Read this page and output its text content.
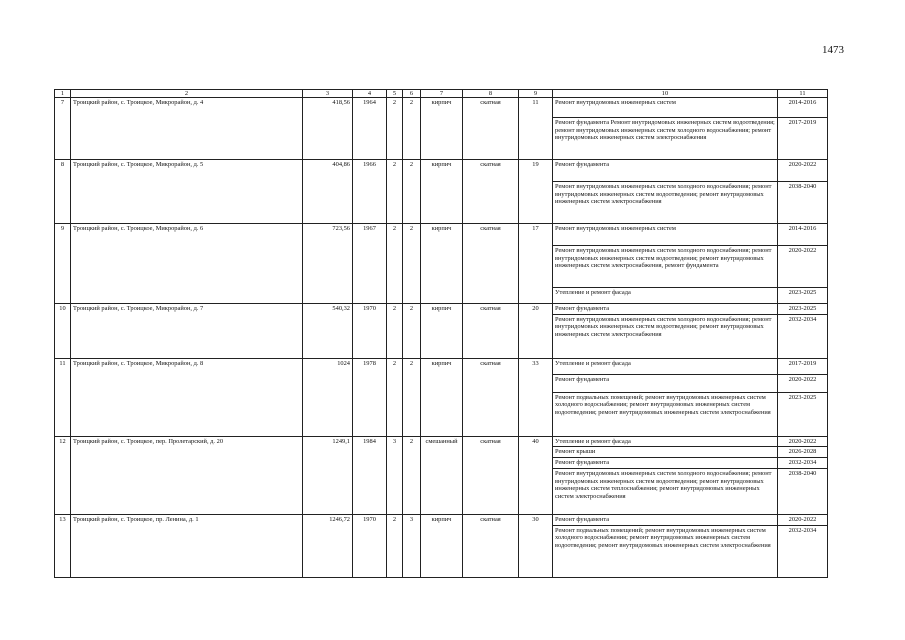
1473
1	2	3	4	5	6	7	8	9	10	11
7	Троицкий район, с. Троицкое, Микрорайон, д. 4	418,56	1964	2	2	кирпич	скатная	11	Ремонт внутридомовых инженерных систем	2014-2016
									Ремонт фундамента Ремонт внутридомовых инженерных систем водоотведения; ремонт внутридомовых инженерных систем холодного водоснабжения; ремонт внутридомовых инженерных систем электроснабжения	2017-2019
8	Троицкий район, с. Троицкое, Микрорайон, д. 5	404,86	1966	2	2	кирпич	скатная	19	Ремонт фундамента	2020-2022
									Ремонт внутридомовых инженерных систем холодного водоснабжения; ремонт внутридомовых инженерных систем водоотведения; ремонт внутридомовых инженерных систем электроснабжения	2038-2040
9	Троицкий район, с. Троицкое, Микрорайон, д. 6	723,56	1967	2	2	кирпич	скатная	17	Ремонт внутридомовых инженерных систем	2014-2016
									Ремонт внутридомовых инженерных систем холодного водоснабжения; ремонт внутридомовых инженерных систем водоотведения; ремонт внутридомовых инженерных систем электроснабжения, ремонт фундамента	2020-2022
									Утепление и ремонт фасада	2023-2025
10	Троицкий район, с. Троицкое, Микрорайон, д. 7	540,32	1970	2	2	кирпич	скатная	20	Ремонт фундамента	2023-2025
									Ремонт внутридомовых инженерных систем холодного водоснабжения; ремонт внутридомовых инженерных систем водоотведения; ремонт внутридомовых инженерных систем электроснабжения	2032-2034
11	Троицкий район, с. Троицкое, Микрорайон, д. 8	1024	1978	2	2	кирпич	скатная	33	Утепление и ремонт фасада	2017-2019
									Ремонт фундамента	2020-2022
									Ремонт подвальных помещений; ремонт внутридомовых инженерных систем холодного водоснабжения; ремонт внутридомовых инженерных систем водоотведения; ремонт внутридомовых инженерных систем электроснабжения	2023-2025
12	Троицкий район, с. Троицкое, пер. Пролетарский, д. 20	1249,1	1984	3	2	смешанный	скатная	40	Утепление и ремонт фасада	2020-2022
									Ремонт крыши	2026-2028
									Ремонт фундамента	2032-2034
									Ремонт внутридомовых инженерных систем холодного водоснабжения; ремонт внутридомовых инженерных систем водоотведения; ремонт внутридомовых инженерных систем теплоснабжения; ремонт внутридомовых инженерных систем электроснабжения	2038-2040
13	Троицкий район, с. Троицкое, пр. Ленина, д. 1	1246,72	1970	2	3	кирпич	скатная	30	Ремонт фундамента	2020-2022
									Ремонт подвальных помещений; ремонт внутридомовых инженерных систем холодного водоснабжения; ремонт внутридомовых инженерных систем водоотведения; ремонт внутридомовых инженерных систем электроснабжения	2032-2034
